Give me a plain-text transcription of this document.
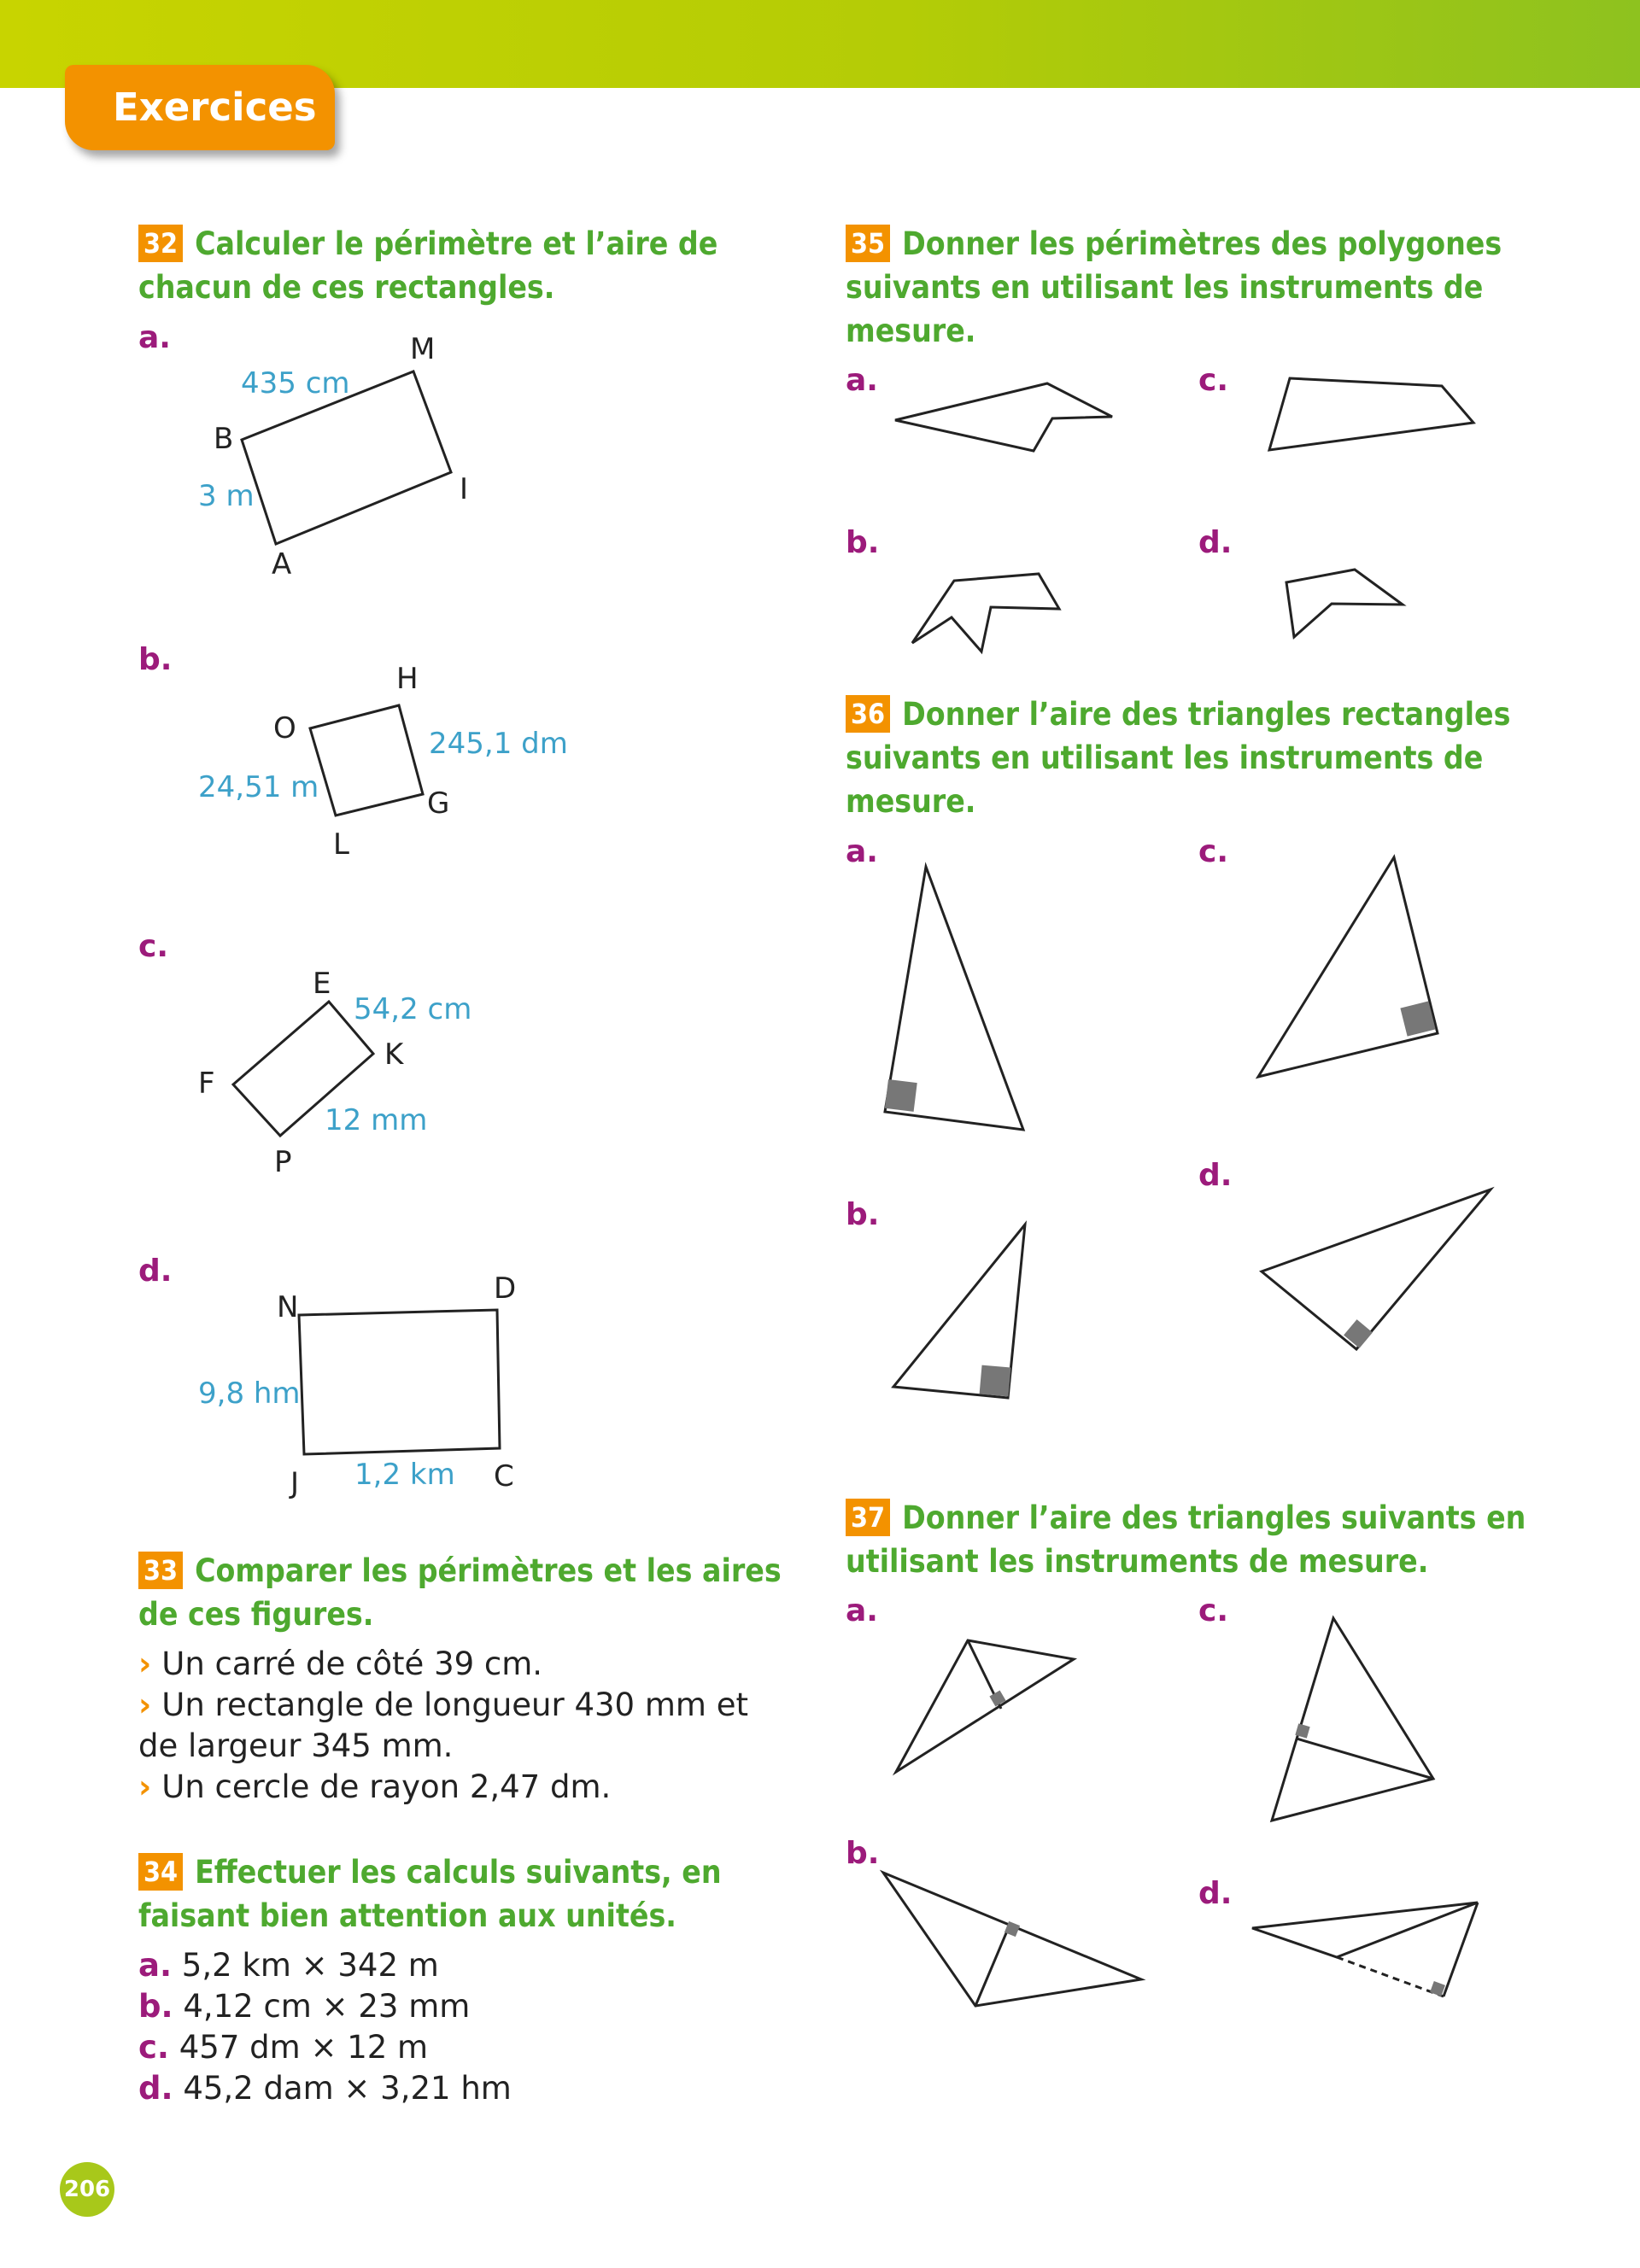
Exercices
32 Calculer le périmètre et l’aire de chacun de ces rectangles.
a.
b.
c.
d.
M
B
I
A
435 cm
3 m
H
O
G
L
245,1 dm
24,51 m
E
K
F
P
54,2 cm
12 mm
N
D
J	C
9,8 hm
1,2 km
33 Comparer les périmètres et les aires de ces figures.
› Un carré de côté 39 cm.
› Un rectangle de longueur 430 mm et de largeur 345 mm.
› Un cercle de rayon 2,47 dm.
34 Effectuer les calculs suivants, en faisant bien attention aux unités.
a. 5,2 km × 342 m
b. 4,12 cm × 23 mm
c. 457 dm × 12 m
d. 45,2 dam × 3,21 hm
35 Donner les périmètres des polygones suivants en utilisant les instruments de mesure.
a.	c.
b.	d.
36 Donner l’aire des triangles rectangles suivants en utilisant les instruments de mesure.
a.	c.
d.
b.
37 Donner l’aire des triangles suivants en utilisant les instruments de mesure.
a.	c.
b.
d.
206
